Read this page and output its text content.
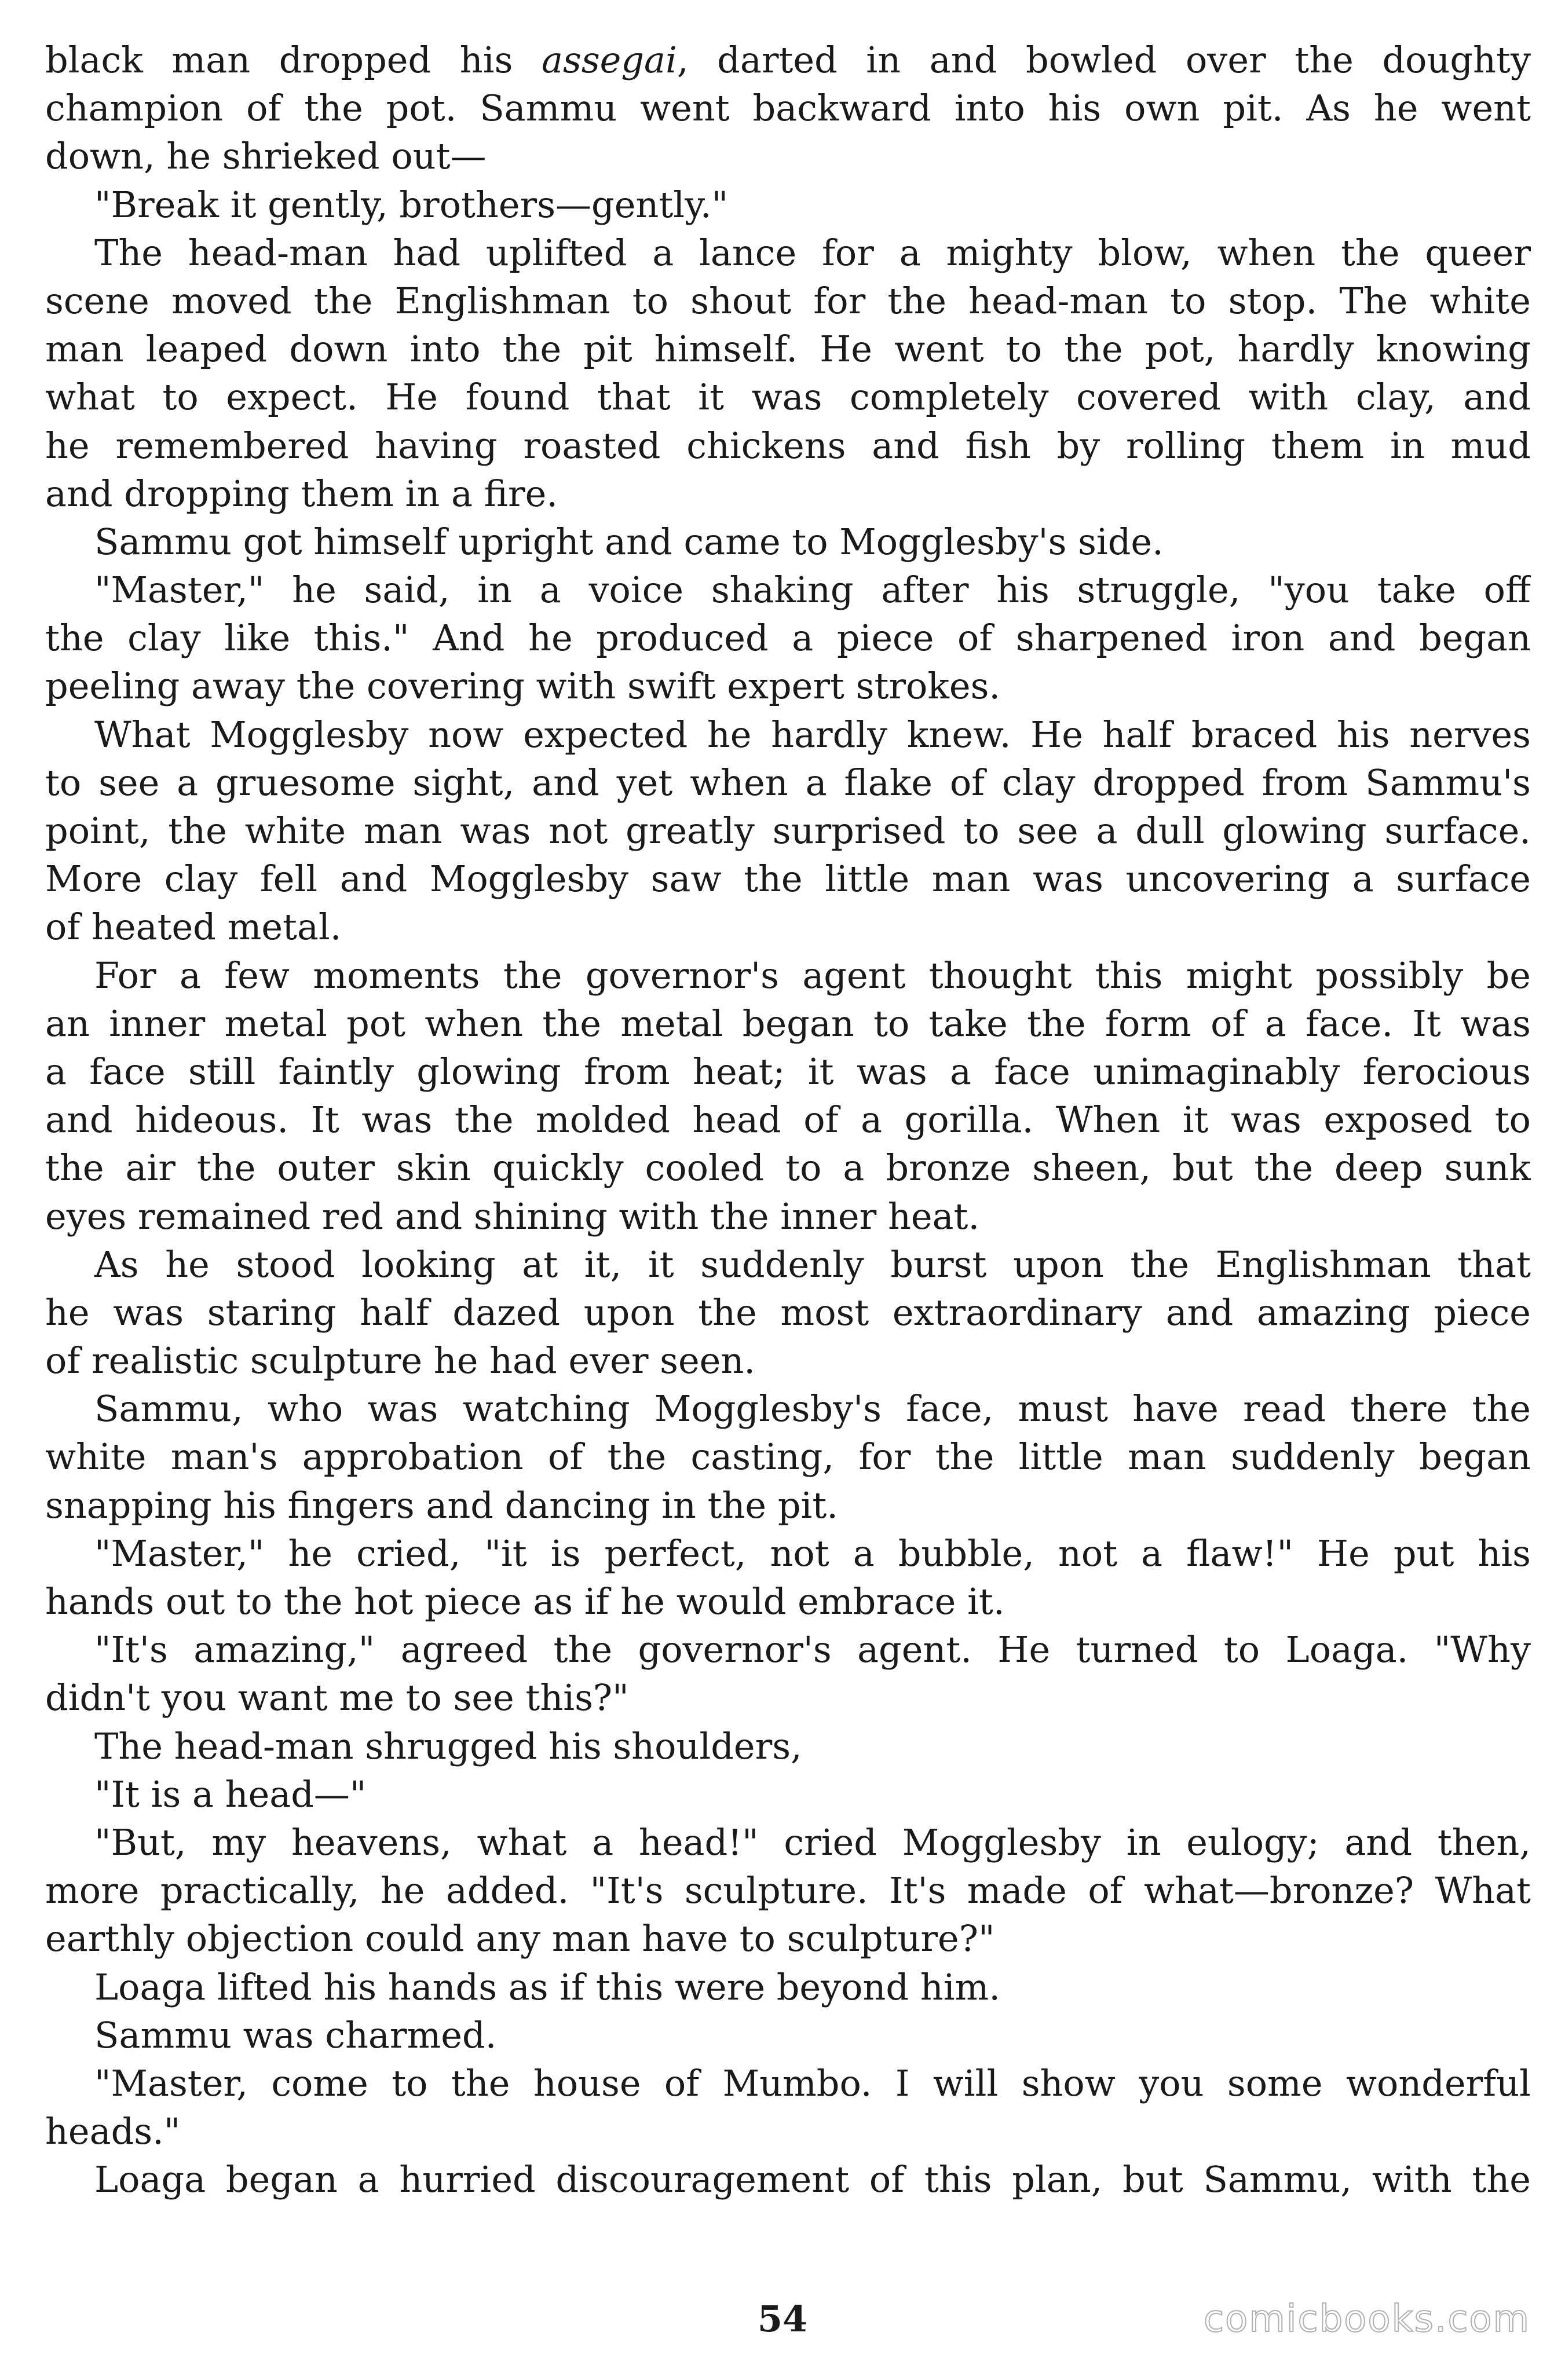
black man dropped his assegai, darted in and bowled over the doughty
champion of the pot. Sammu went backward into his own pit. As he went
down, he shrieked out—
"Break it gently, brothers—gently."
The head-man had uplifted a lance for a mighty blow, when the queer
scene moved the Englishman to shout for the head-man to stop. The white
man leaped down into the pit himself. He went to the pot, hardly knowing
what to expect. He found that it was completely covered with clay, and
he remembered having roasted chickens and fish by rolling them in mud
and dropping them in a fire.
Sammu got himself upright and came to Mogglesby's side.
"Master," he said, in a voice shaking after his struggle, "you take off
the clay like this." And he produced a piece of sharpened iron and began
peeling away the covering with swift expert strokes.
What Mogglesby now expected he hardly knew. He half braced his nerves
to see a gruesome sight, and yet when a flake of clay dropped from Sammu's
point, the white man was not greatly surprised to see a dull glowing surface.
More clay fell and Mogglesby saw the little man was uncovering a surface
of heated metal.
For a few moments the governor's agent thought this might possibly be
an inner metal pot when the metal began to take the form of a face. It was
a face still faintly glowing from heat; it was a face unimaginably ferocious
and hideous. It was the molded head of a gorilla. When it was exposed to
the air the outer skin quickly cooled to a bronze sheen, but the deep sunk
eyes remained red and shining with the inner heat.
As he stood looking at it, it suddenly burst upon the Englishman that
he was staring half dazed upon the most extraordinary and amazing piece
of realistic sculpture he had ever seen.
Sammu, who was watching Mogglesby's face, must have read there the
white man's approbation of the casting, for the little man suddenly began
snapping his fingers and dancing in the pit.
"Master," he cried, "it is perfect, not a bubble, not a flaw!" He put his
hands out to the hot piece as if he would embrace it.
"It's amazing," agreed the governor's agent. He turned to Loaga. "Why
didn't you want me to see this?"
The head-man shrugged his shoulders,
"It is a head—"
"But, my heavens, what a head!" cried Mogglesby in eulogy; and then,
more practically, he added. "It's sculpture. It's made of what—bronze? What
earthly objection could any man have to sculpture?"
Loaga lifted his hands as if this were beyond him.
Sammu was charmed.
"Master, come to the house of Mumbo. I will show you some wonderful
heads."
Loaga began a hurried discouragement of this plan, but Sammu, with the
54	comicbooks.com
